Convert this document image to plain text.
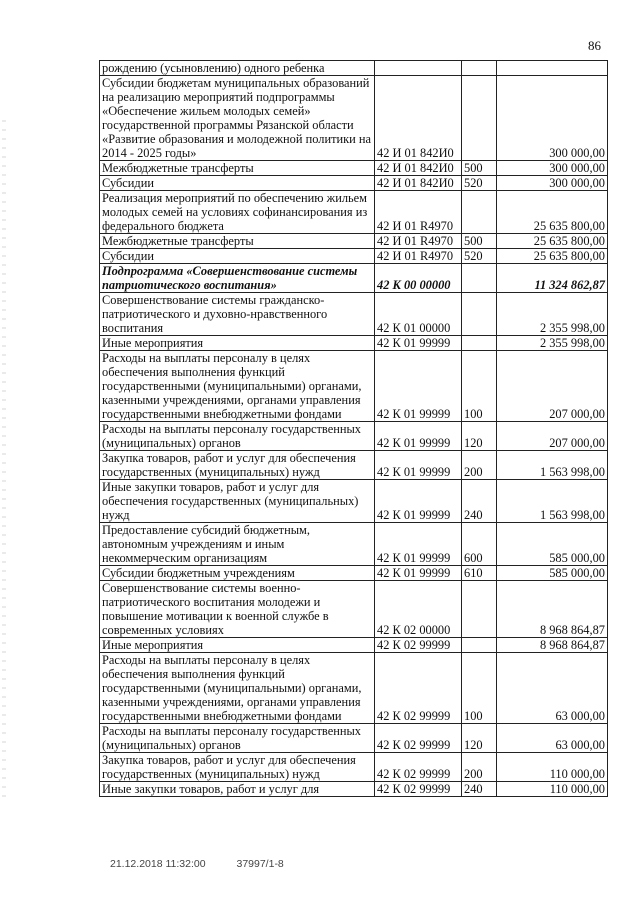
86
рождению (усыновлению) одного ребенка			
Субсидии бюджетам муниципальных образований на реализацию мероприятий подпрограммы «Обеспечение жильем молодых семей» государственной программы Рязанской области «Развитие образования и молодежной политики на 2014 - 2025 годы»	42 И 01 842И0		300 000,00
Межбюджетные трансферты	42 И 01 842И0	500	300 000,00
Субсидии	42 И 01 842И0	520	300 000,00
Реализация мероприятий по обеспечению жильем молодых семей на условиях софинансирования из федерального бюджета	42 И 01 R4970		25 635 800,00
Межбюджетные трансферты	42 И 01 R4970	500	25 635 800,00
Субсидии	42 И 01 R4970	520	25 635 800,00
Подпрограмма «Совершенствование системы патриотического воспитания»	42 К 00 00000		11 324 862,87
Совершенствование системы гражданско-патриотического и духовно-нравственного воспитания	42 К 01 00000		2 355 998,00
Иные мероприятия	42 К 01 99999		2 355 998,00
Расходы на выплаты персоналу в целях обеспечения выполнения функций государственными (муниципальными) органами, казенными учреждениями, органами управления государственными внебюджетными фондами	42 К 01 99999	100	207 000,00
Расходы на выплаты персоналу государственных (муниципальных) органов	42 К 01 99999	120	207 000,00
Закупка товаров, работ и услуг для обеспечения государственных (муниципальных) нужд	42 К 01 99999	200	1 563 998,00
Иные закупки товаров, работ и услуг для обеспечения государственных (муниципальных) нужд	42 К 01 99999	240	1 563 998,00
Предоставление субсидий бюджетным, автономным учреждениям и иным некоммерческим организациям	42 К 01 99999	600	585 000,00
Субсидии бюджетным учреждениям	42 К 01 99999	610	585 000,00
Совершенствование системы военно-патриотического воспитания молодежи и повышение мотивации к военной службе в современных условиях	42 К 02 00000		8 968 864,87
Иные мероприятия	42 К 02 99999		8 968 864,87
Расходы на выплаты персоналу в целях обеспечения выполнения функций государственными (муниципальными) органами, казенными учреждениями, органами управления государственными внебюджетными фондами	42 К 02 99999	100	63 000,00
Расходы на выплаты персоналу государственных (муниципальных) органов	42 К 02 99999	120	63 000,00
Закупка товаров, работ и услуг для обеспечения государственных (муниципальных) нужд	42 К 02 99999	200	110 000,00
Иные закупки товаров, работ и услуг для	42 К 02 99999	240	110 000,00
21.12.2018 11:32:00	37997/1-8
